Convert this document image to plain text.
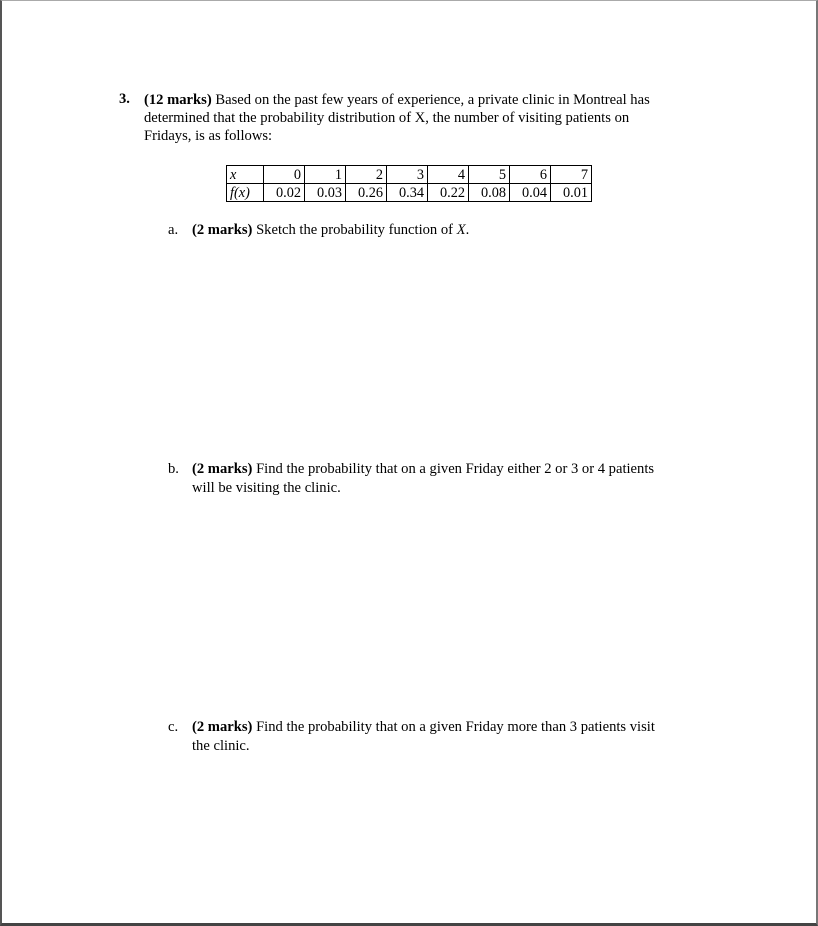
3. (12 marks) Based on the past few years of experience, a private clinic in Montreal has
determined that the probability distribution of X, the number of visiting patients on
Fridays, is as follows:
x	0	1	2	3	4	5	6	7
f(x)	0.02	0.03	0.26	0.34	0.22	0.08	0.04	0.01
a. (2 marks) Sketch the probability function of X.
b. (2 marks) Find the probability that on a given Friday either 2 or 3 or 4 patients
will be visiting the clinic.
c. (2 marks) Find the probability that on a given Friday more than 3 patients visit
the clinic.
